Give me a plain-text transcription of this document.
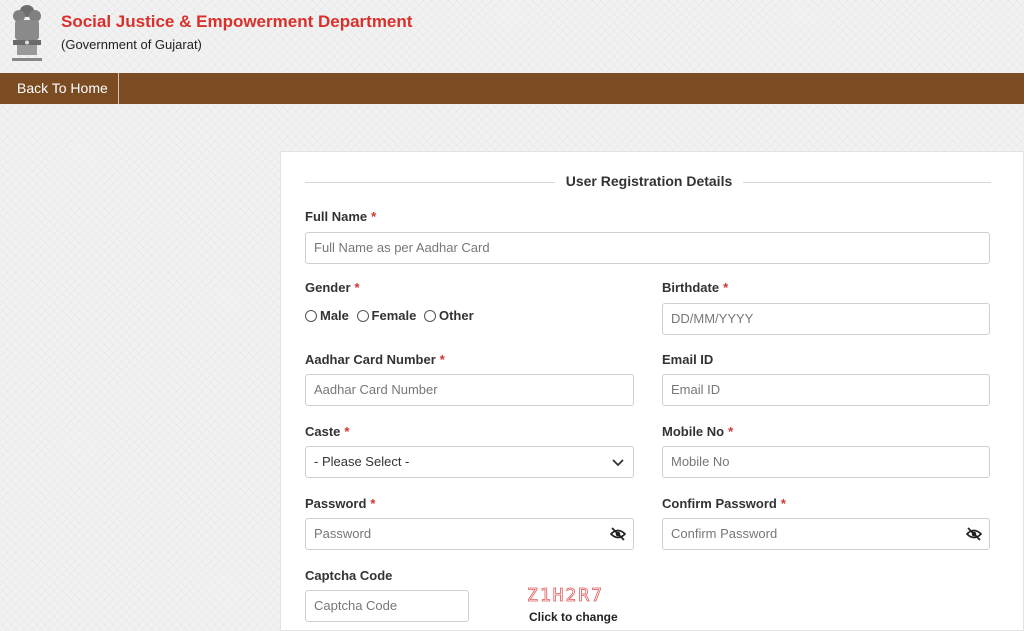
Social Justice & Empowerment Department
(Government of Gujarat)
Back To Home
User Registration Details
Full Name *
Full Name as per Aadhar Card
Gender *
Male
Female
Other
Birthdate *
DD/MM/YYYY
Aadhar Card Number *
Aadhar Card Number
Email ID
Email ID
Caste *
- Please Select -
Mobile No *
Mobile No
Password *
Password
Confirm Password *
Confirm Password
Captcha Code
Captcha Code	Z1H2R7
Click to change
